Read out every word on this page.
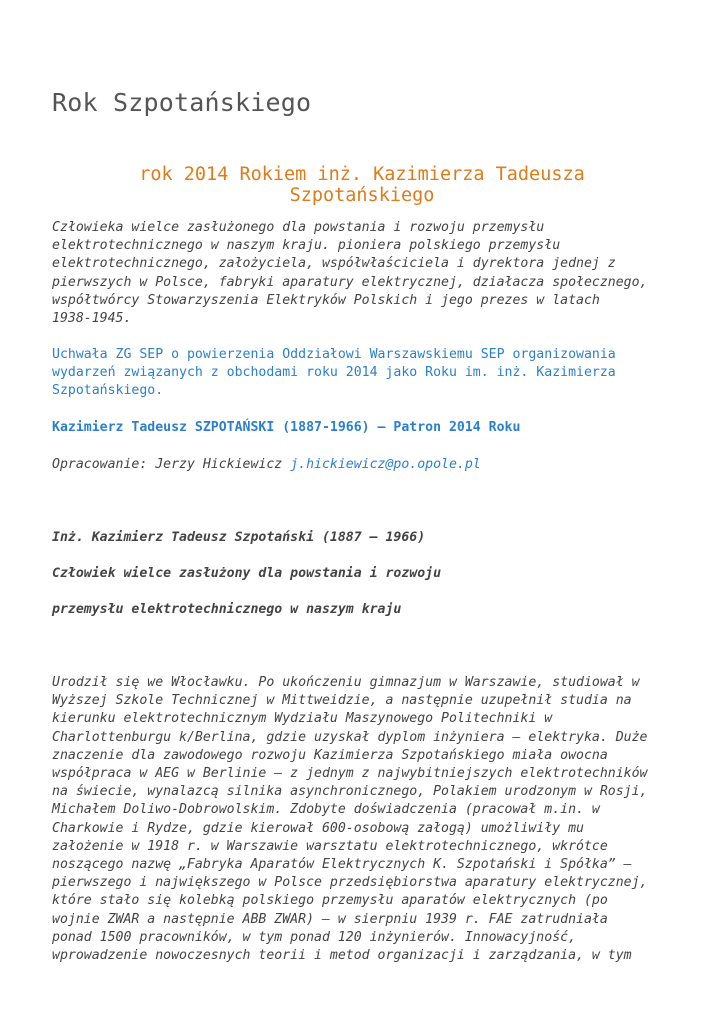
Rok Szpotańskiego
rok 2014 Rokiem inż. Kazimierza Tadeusza
Szpotańskiego

Człowieka wielce zasłużonego dla powstania i rozwoju przemysłu
elektrotechnicznego w naszym kraju. pioniera polskiego przemysłu
elektrotechnicznego, założyciela, współwłaściciela i dyrektora jednej z
pierwszych w Polsce, fabryki aparatury elektrycznej, działacza społecznego,
współtwórcy Stowarzyszenia Elektryków Polskich i jego prezes w latach
1938-1945.

Uchwała ZG SEP o powierzenia Oddziałowi Warszawskiemu SEP organizowania
wydarzeń związanych z obchodami roku 2014 jako Roku im. inż. Kazimierza
Szpotańskiego.

Kazimierz Tadeusz SZPOTAŃSKI (1887-1966) – Patron 2014 Roku

Opracowanie: Jerzy Hickiewicz j.hickiewicz@po.opole.pl

Inż. Kazimierz Tadeusz Szpotański (1887 – 1966)

Człowiek wielce zasłużony dla powstania i rozwoju

przemysłu elektrotechnicznego w naszym kraju

Urodził się we Włocławku. Po ukończeniu gimnazjum w Warszawie, studiował w
Wyższej Szkole Technicznej w Mittweidzie, a następnie uzupełnił studia na
kierunku elektrotechnicznym Wydziału Maszynowego Politechniki w
Charlottenburgu k/Berlina, gdzie uzyskał dyplom inżyniera – elektryka. Duże
znaczenie dla zawodowego rozwoju Kazimierza Szpotańskiego miała owocna
współpraca w AEG w Berlinie – z jednym z najwybitniejszych elektrotechników
na świecie, wynalazcą silnika asynchronicznego, Polakiem urodzonym w Rosji,
Michałem Doliwo-Dobrowolskim. Zdobyte doświadczenia (pracował m.in. w
Charkowie i Rydze, gdzie kierował 600-osobową załogą) umożliwiły mu
założenie w 1918 r. w Warszawie warsztatu elektrotechnicznego, wkrótce
noszącego nazwę „Fabryka Aparatów Elektrycznych K. Szpotański i Spółka” –
pierwszego i największego w Polsce przedsiębiorstwa aparatury elektrycznej,
które stało się kolebką polskiego przemysłu aparatów elektrycznych (po
wojnie ZWAR a następnie ABB ZWAR) – w sierpniu 1939 r. FAE zatrudniała
ponad 1500 pracowników, w tym ponad 120 inżynierów. Innowacyjność,
wprowadzenie nowoczesnych teorii i metod organizacji i zarządzania, w tym
